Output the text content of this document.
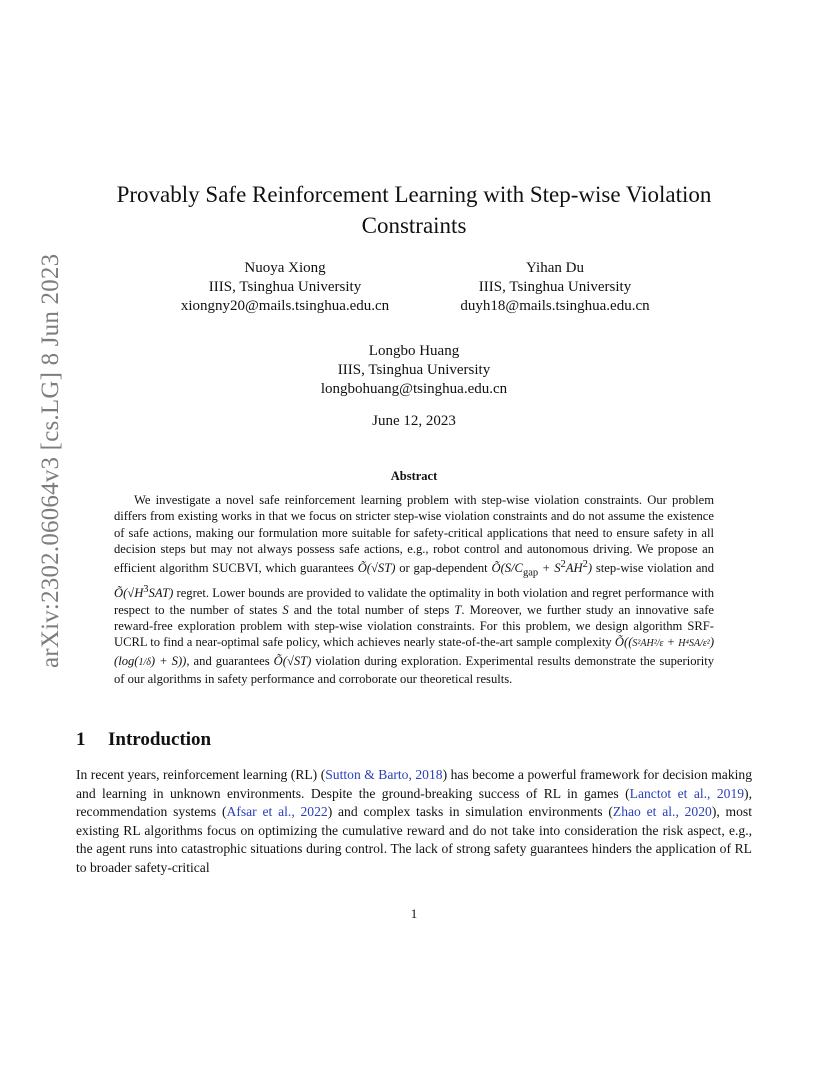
arXiv:2302.06064v3 [cs.LG] 8 Jun 2023
Provably Safe Reinforcement Learning with Step-wise Violation Constraints
Nuoya Xiong
IIIS, Tsinghua University
xiongny20@mails.tsinghua.edu.cn
Yihan Du
IIIS, Tsinghua University
duyh18@mails.tsinghua.edu.cn
Longbo Huang
IIIS, Tsinghua University
longbohuang@tsinghua.edu.cn
June 12, 2023
Abstract

We investigate a novel safe reinforcement learning problem with step-wise violation constraints. Our problem differs from existing works in that we focus on stricter step-wise violation constraints and do not assume the existence of safe actions, making our formulation more suitable for safety-critical applications that need to ensure safety in all decision steps but may not always possess safe actions, e.g., robot control and autonomous driving. We propose an efficient algorithm SUCBVI, which guarantees Õ(√ST) or gap-dependent $Õ(S/C_{gap} + S^2AH^2)$ step-wise violation and $Õ(√H^3SAT)$ regret. Lower bounds are provided to validate the optimality in both violation and regret performance with respect to the number of states S and the total number of steps T. Moreover, we further study an innovative safe reward-free exploration problem with step-wise violation constraints. For this problem, we design algorithm SRF-UCRL to find a near-optimal safe policy, which achieves nearly state-of-the-art sample complexity Õ((S²AH²/ε + H⁴SA/ε²)(log(1/δ) + S)), and guarantees Õ(√ST) violation during exploration. Experimental results demonstrate the superiority of our algorithms in safety performance and corroborate our theoretical results.

1 Introduction

In recent years, reinforcement learning (RL) (Sutton & Barto, 2018) has become a powerful framework for decision making and learning in unknown environments. Despite the ground-breaking success of RL in games (Lanctot et al., 2019), recommendation systems (Afsar et al., 2022) and complex tasks in simulation environments (Zhao et al., 2020), most existing RL algorithms focus on optimizing the cumulative reward and do not take into consideration the risk aspect, e.g., the agent runs into catastrophic situations during control. The lack of strong safety guarantees hinders the application of RL to broader safety-critical

1
